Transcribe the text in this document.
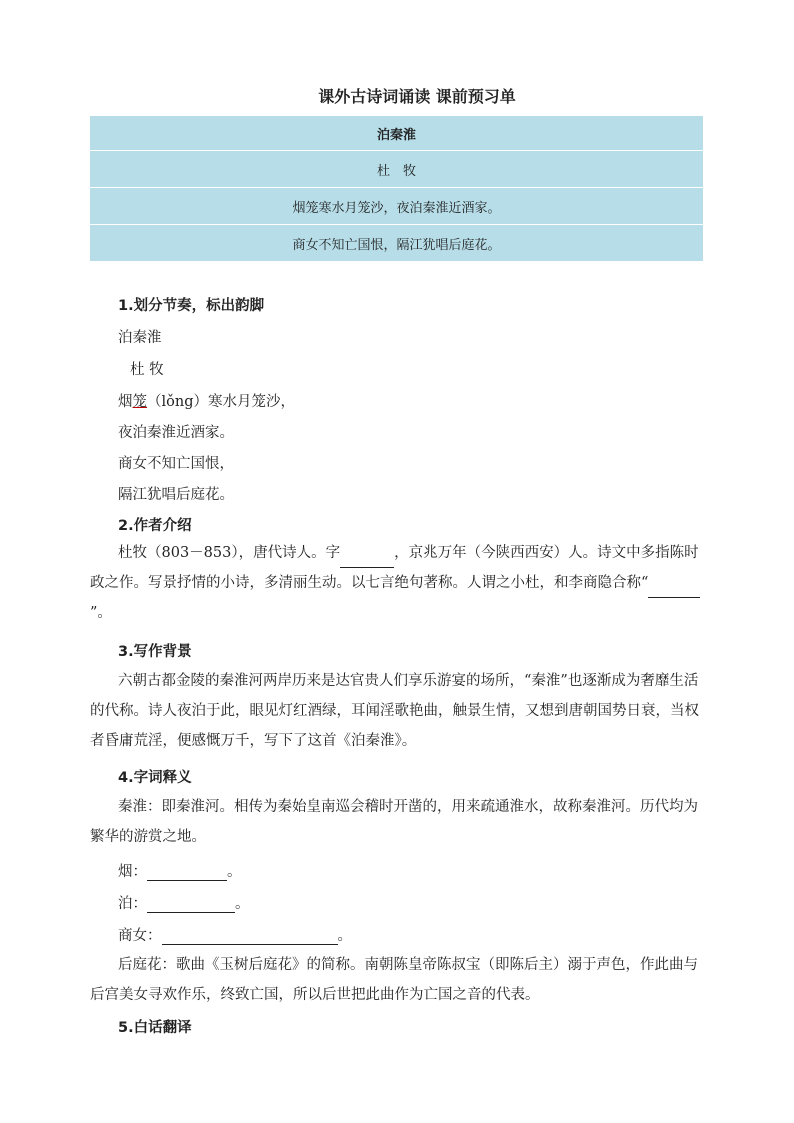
课外古诗词诵读 课前预习单
泊秦淮
杜　牧
烟笼寒水月笼沙，夜泊秦淮近酒家。
商女不知亡国恨，隔江犹唱后庭花。
1.划分节奏，标出韵脚
泊秦淮
杜 牧
烟笼（lǒng）寒水月笼沙，
夜泊秦淮近酒家。
商女不知亡国恨，
隔江犹唱后庭花。
2.作者介绍
杜牧（803－853），唐代诗人。字	，京兆万年（今陕西西安）人。诗文中多指陈时政之作。写景抒情的小诗，多清丽生动。以七言绝句著称。人谓之小杜，和李商隐合称“”。
3.写作背景
六朝古都金陵的秦淮河两岸历来是达官贵人们享乐游宴的场所，“秦淮”也逐渐成为奢靡生活的代称。诗人夜泊于此，眼见灯红酒绿，耳闻淫歌艳曲，触景生情，又想到唐朝国势日衰，当权者昏庸荒淫，便感慨万千，写下了这首《泊秦淮》。
4.字词释义
秦淮：即秦淮河。相传为秦始皇南巡会稽时开凿的，用来疏通淮水，故称秦淮河。历代均为繁华的游赏之地。
烟：	。
泊：	。
商女：	。
后庭花：歌曲《玉树后庭花》的简称。南朝陈皇帝陈叔宝（即陈后主）溺于声色，作此曲与后宫美女寻欢作乐，终致亡国，所以后世把此曲作为亡国之音的代表。
5.白话翻译
